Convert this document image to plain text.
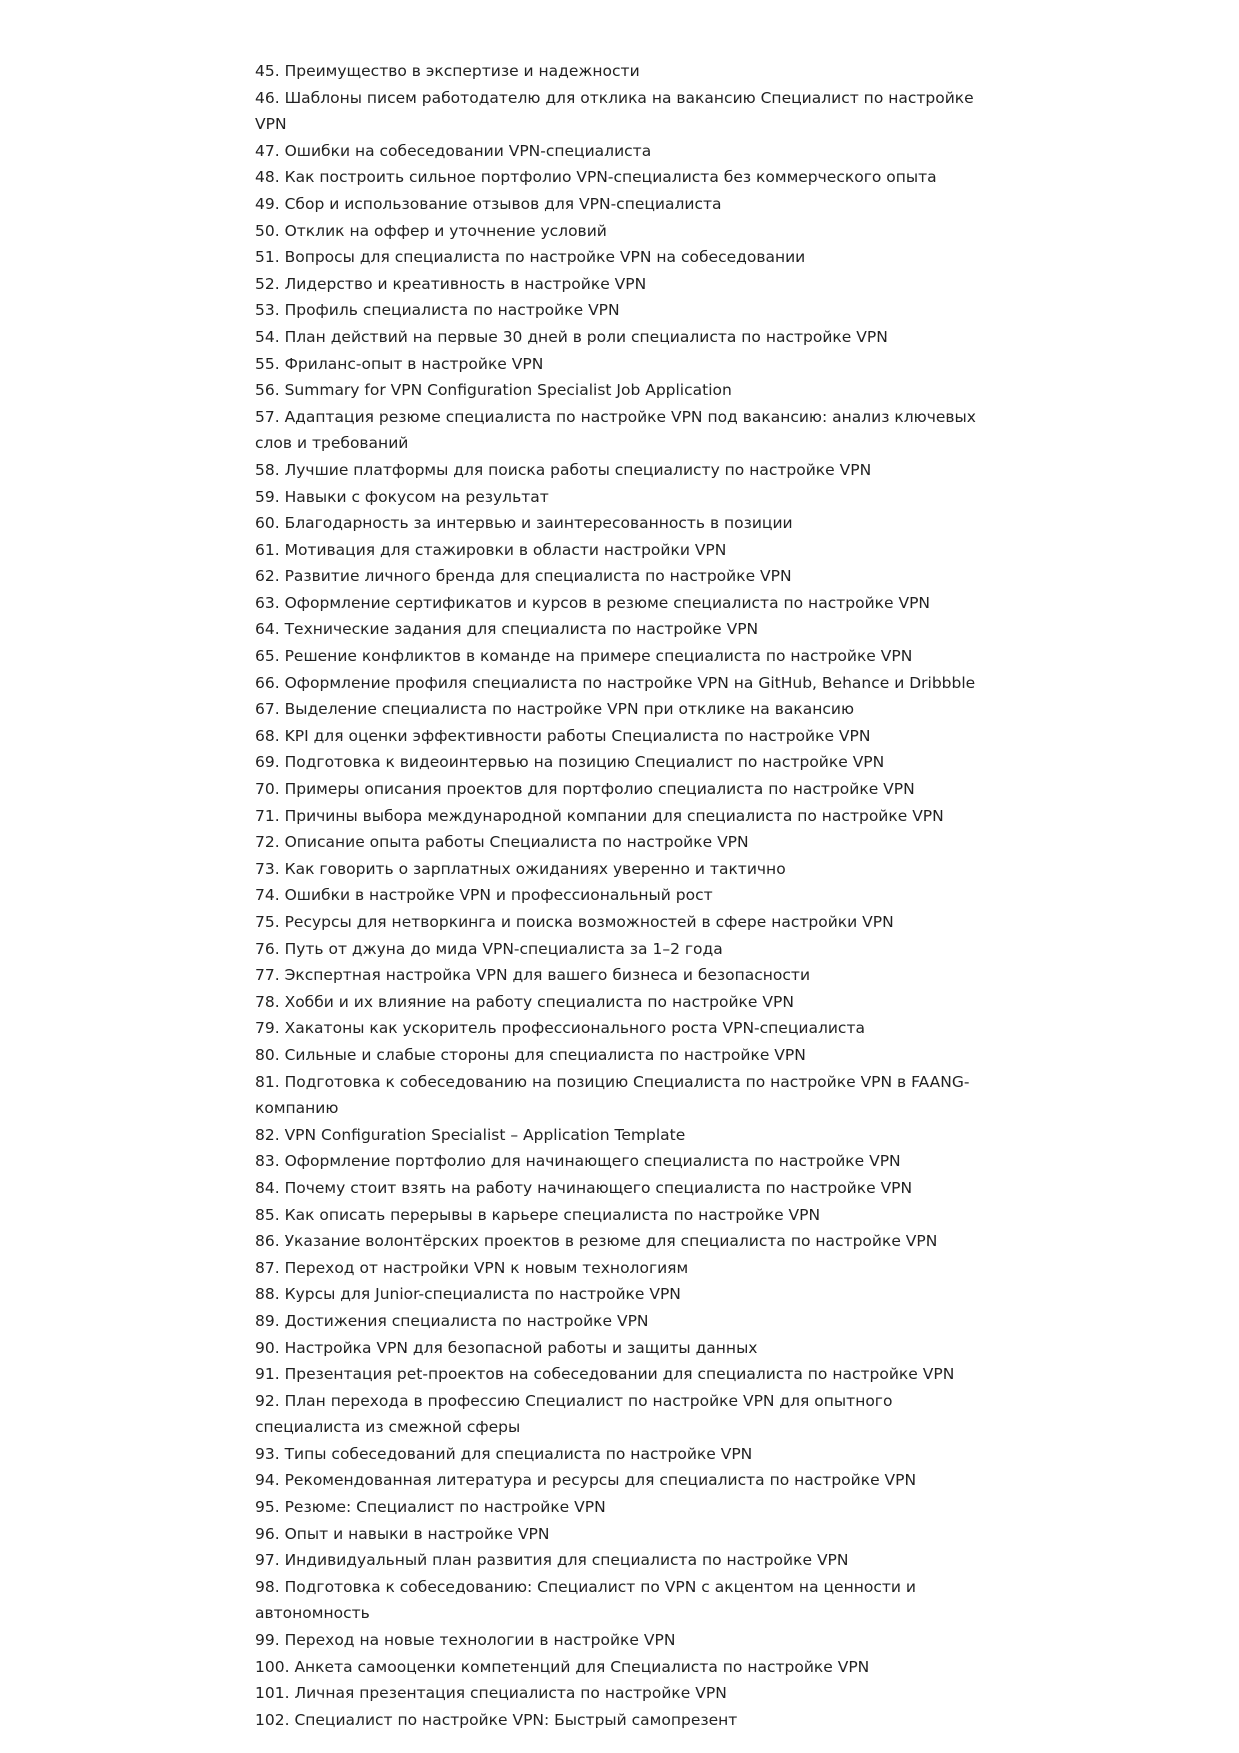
45. Преимущество в экспертизе и надежности
46. Шаблоны писем работодателю для отклика на вакансию Специалист по настройке VPN
47. Ошибки на собеседовании VPN-специалиста
48. Как построить сильное портфолио VPN-специалиста без коммерческого опыта
49. Сбор и использование отзывов для VPN-специалиста
50. Отклик на оффер и уточнение условий
51. Вопросы для специалиста по настройке VPN на собеседовании
52. Лидерство и креативность в настройке VPN
53. Профиль специалиста по настройке VPN
54. План действий на первые 30 дней в роли специалиста по настройке VPN
55. Фриланс-опыт в настройке VPN
56. Summary for VPN Configuration Specialist Job Application
57. Адаптация резюме специалиста по настройке VPN под вакансию: анализ ключевых слов и требований
58. Лучшие платформы для поиска работы специалисту по настройке VPN
59. Навыки с фокусом на результат
60. Благодарность за интервью и заинтересованность в позиции
61. Мотивация для стажировки в области настройки VPN
62. Развитие личного бренда для специалиста по настройке VPN
63. Оформление сертификатов и курсов в резюме специалиста по настройке VPN
64. Технические задания для специалиста по настройке VPN
65. Решение конфликтов в команде на примере специалиста по настройке VPN
66. Оформление профиля специалиста по настройке VPN на GitHub, Behance и Dribbble
67. Выделение специалиста по настройке VPN при отклике на вакансию
68. KPI для оценки эффективности работы Специалиста по настройке VPN
69. Подготовка к видеоинтервью на позицию Специалист по настройке VPN
70. Примеры описания проектов для портфолио специалиста по настройке VPN
71. Причины выбора международной компании для специалиста по настройке VPN
72. Описание опыта работы Специалиста по настройке VPN
73. Как говорить о зарплатных ожиданиях уверенно и тактично
74. Ошибки в настройке VPN и профессиональный рост
75. Ресурсы для нетворкинга и поиска возможностей в сфере настройки VPN
76. Путь от джуна до мида VPN-специалиста за 1–2 года
77. Экспертная настройка VPN для вашего бизнеса и безопасности
78. Хобби и их влияние на работу специалиста по настройке VPN
79. Хакатоны как ускоритель профессионального роста VPN-специалиста
80. Сильные и слабые стороны для специалиста по настройке VPN
81. Подготовка к собеседованию на позицию Специалиста по настройке VPN в FAANG-компанию
82. VPN Configuration Specialist – Application Template
83. Оформление портфолио для начинающего специалиста по настройке VPN
84. Почему стоит взять на работу начинающего специалиста по настройке VPN
85. Как описать перерывы в карьере специалиста по настройке VPN
86. Указание волонтёрских проектов в резюме для специалиста по настройке VPN
87. Переход от настройки VPN к новым технологиям
88. Курсы для Junior-специалиста по настройке VPN
89. Достижения специалиста по настройке VPN
90. Настройка VPN для безопасной работы и защиты данных
91. Презентация pet-проектов на собеседовании для специалиста по настройке VPN
92. План перехода в профессию Специалист по настройке VPN для опытного специалиста из смежной сферы
93. Типы собеседований для специалиста по настройке VPN
94. Рекомендованная литература и ресурсы для специалиста по настройке VPN
95. Резюме: Специалист по настройке VPN
96. Опыт и навыки в настройке VPN
97. Индивидуальный план развития для специалиста по настройке VPN
98. Подготовка к собеседованию: Специалист по VPN с акцентом на ценности и автономность
99. Переход на новые технологии в настройке VPN
100. Анкета самооценки компетенций для Специалиста по настройке VPN
101. Личная презентация специалиста по настройке VPN
102. Специалист по настройке VPN: Быстрый самопрезент
